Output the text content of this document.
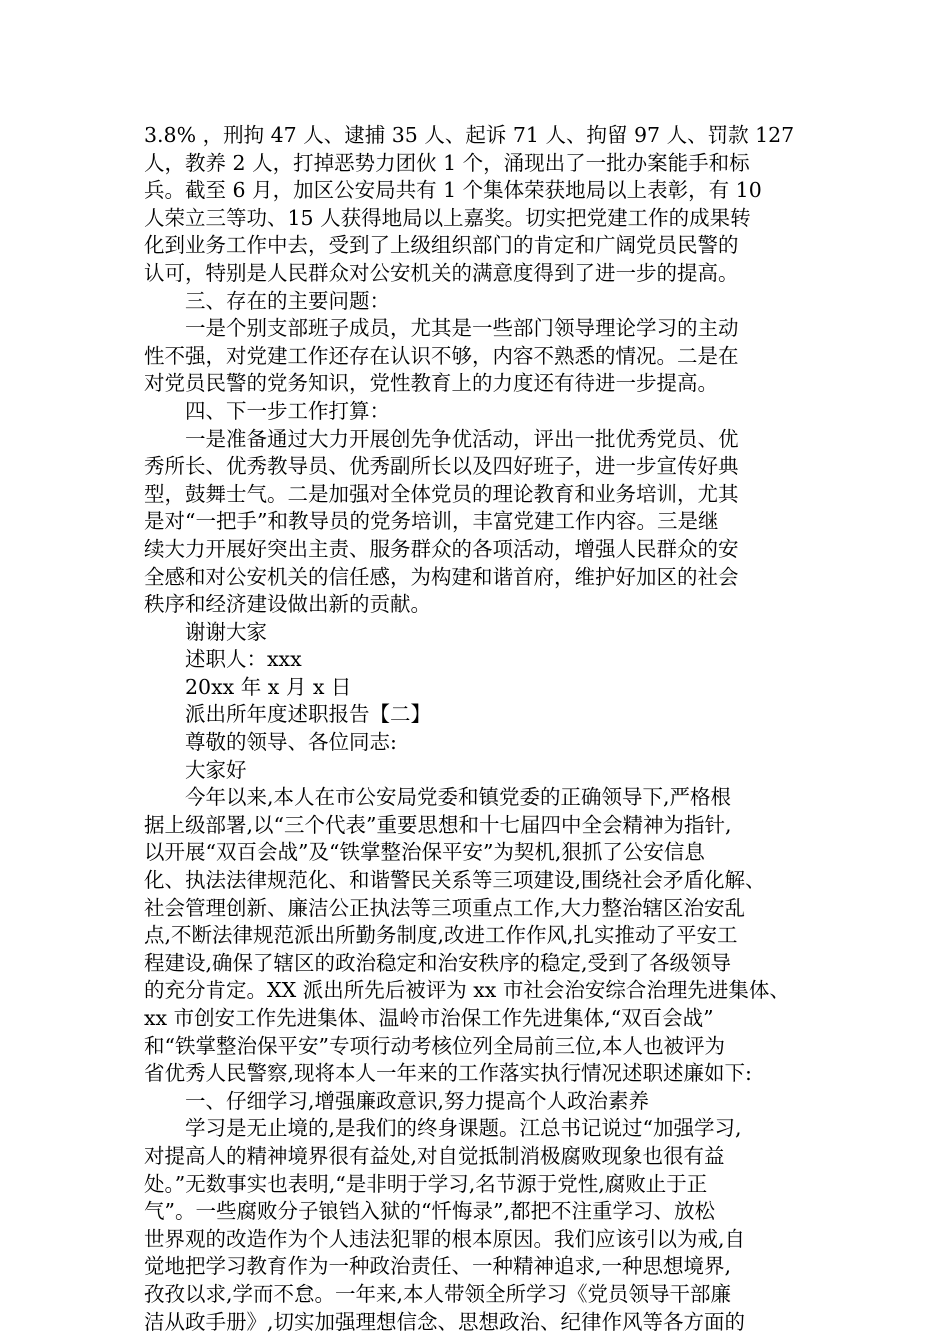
3.8% ，刑拘 47 人、逮捕 35 人、起诉 71 人、拘留 97 人、罚款 127
人，教养 2 人，打掉恶势力团伙 1 个，涌现出了一批办案能手和标
兵。截至 6 月，加区公安局共有 1 个集体荣获地局以上表彰，有 10
人荣立三等功、15 人获得地局以上嘉奖。切实把党建工作的成果转
化到业务工作中去，受到了上级组织部门的肯定和广阔党员民警的
认可，特别是人民群众对公安机关的满意度得到了进一步的提高。
三、存在的主要问题：
一是个别支部班子成员，尤其是一些部门领导理论学习的主动
性不强，对党建工作还存在认识不够，内容不熟悉的情况。二是在
对党员民警的党务知识，党性教育上的力度还有待进一步提高。
四、下一步工作打算：
一是准备通过大力开展创先争优活动，评出一批优秀党员、优
秀所长、优秀教导员、优秀副所长以及四好班子，进一步宣传好典
型，鼓舞士气。二是加强对全体党员的理论教育和业务培训，尤其
是对“一把手”和教导员的党务培训，丰富党建工作内容。三是继
续大力开展好突出主责、服务群众的各项活动，增强人民群众的安
全感和对公安机关的信任感，为构建和谐首府，维护好加区的社会
秩序和经济建设做出新的贡献。
谢谢大家
述职人：xxx
20xx 年 x 月 x 日
派出所年度述职报告【二】
尊敬的领导、各位同志:
大家好
今年以来,本人在市公安局党委和镇党委的正确领导下,严格根
据上级部署,以“三个代表”重要思想和十七届四中全会精神为指针,
以开展“双百会战”及“铁掌整治保平安”为契机,狠抓了公安信息
化、执法法律规范化、和谐警民关系等三项建设,围绕社会矛盾化解、
社会管理创新、廉洁公正执法等三项重点工作,大力整治辖区治安乱
点,不断法律规范派出所勤务制度,改进工作作风,扎实推动了平安工
程建设,确保了辖区的政治稳定和治安秩序的稳定,受到了各级领导
的充分肯定。XX 派出所先后被评为 xx 市社会治安综合治理先进集体、
xx 市创安工作先进集体、温岭市治保工作先进集体,“双百会战”
和“铁掌整治保平安”专项行动考核位列全局前三位,本人也被评为
省优秀人民警察,现将本人一年来的工作落实执行情况述职述廉如下:
一、仔细学习,增强廉政意识,努力提高个人政治素养
学习是无止境的,是我们的终身课题。江总书记说过“加强学习,
对提高人的精神境界很有益处,对自觉抵制消极腐败现象也很有益
处。”无数事实也表明,“是非明于学习,名节源于党性,腐败止于正
气”。一些腐败分子锒铛入狱的“忏悔录”,都把不注重学习、放松
世界观的改造作为个人违法犯罪的根本原因。我们应该引以为戒,自
觉地把学习教育作为一种政治责任、一种精神追求,一种思想境界,
孜孜以求,学而不怠。一年来,本人带领全所学习《党员领导干部廉
洁从政手册》,切实加强理想信念、思想政治、纪律作风等各方面的
